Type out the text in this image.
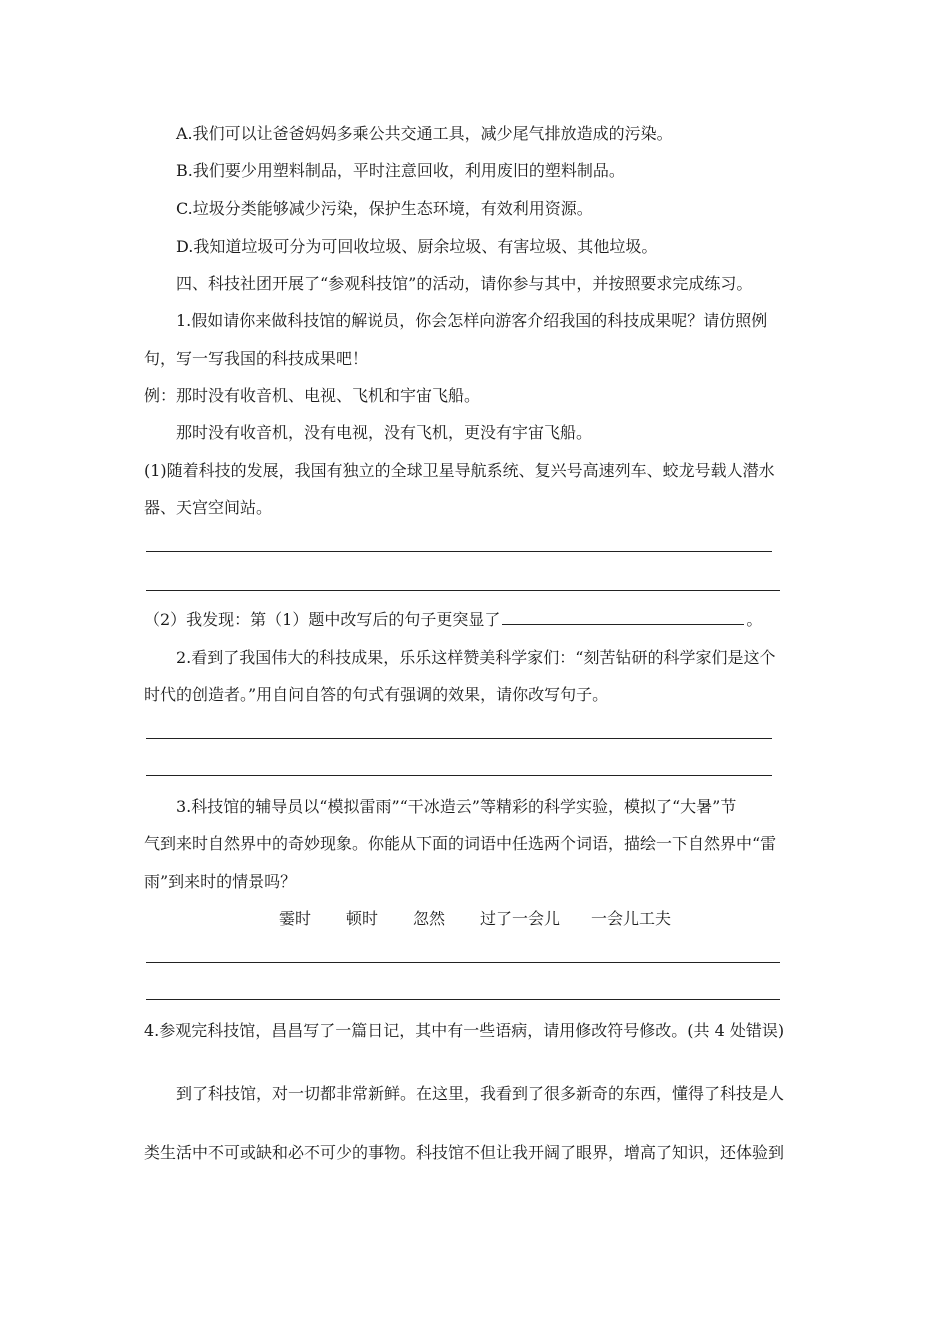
A.我们可以让爸爸妈妈多乘公共交通工具，减少尾气排放造成的污染。
B.我们要少用塑料制品，平时注意回收，利用废旧的塑料制品。
C.垃圾分类能够减少污染，保护生态环境，有效利用资源。
D.我知道垃圾可分为可回收垃圾、厨余垃圾、有害垃圾、其他垃圾。
四、科技社团开展了“参观科技馆”的活动，请你参与其中，并按照要求完成练习。
1.假如请你来做科技馆的解说员，你会怎样向游客介绍我国的科技成果呢？请仿照例
句，写一写我国的科技成果吧！
例：那时没有收音机、电视、飞机和宇宙飞船。
那时没有收音机，没有电视，没有飞机，更没有宇宙飞船。
(1)随着科技的发展，我国有独立的全球卫星导航系统、复兴号高速列车、蛟龙号载人潜水
器、天宫空间站。
（2）我发现：第（1）题中改写后的句子更突显了	。
2.看到了我国伟大的科技成果，乐乐这样赞美科学家们：“刻苦钻研的科学家们是这个
时代的创造者。”用自问自答的句式有强调的效果，请你改写句子。
3.科技馆的辅导员以“模拟雷雨”“干冰造云”等精彩的科学实验，模拟了“大暑”节
气到来时自然界中的奇妙现象。你能从下面的词语中任选两个词语，描绘一下自然界中“雷
雨”到来时的情景吗？
霎时 顿时 忽然 过了一会儿 一会儿工夫
4.参观完科技馆，昌昌写了一篇日记，其中有一些语病，请用修改符号修改。(共 4 处错误)
到了科技馆，对一切都非常新鲜。在这里，我看到了很多新奇的东西，懂得了科技是人
类生活中不可或缺和必不可少的事物。科技馆不但让我开阔了眼界，增高了知识，还体验到
